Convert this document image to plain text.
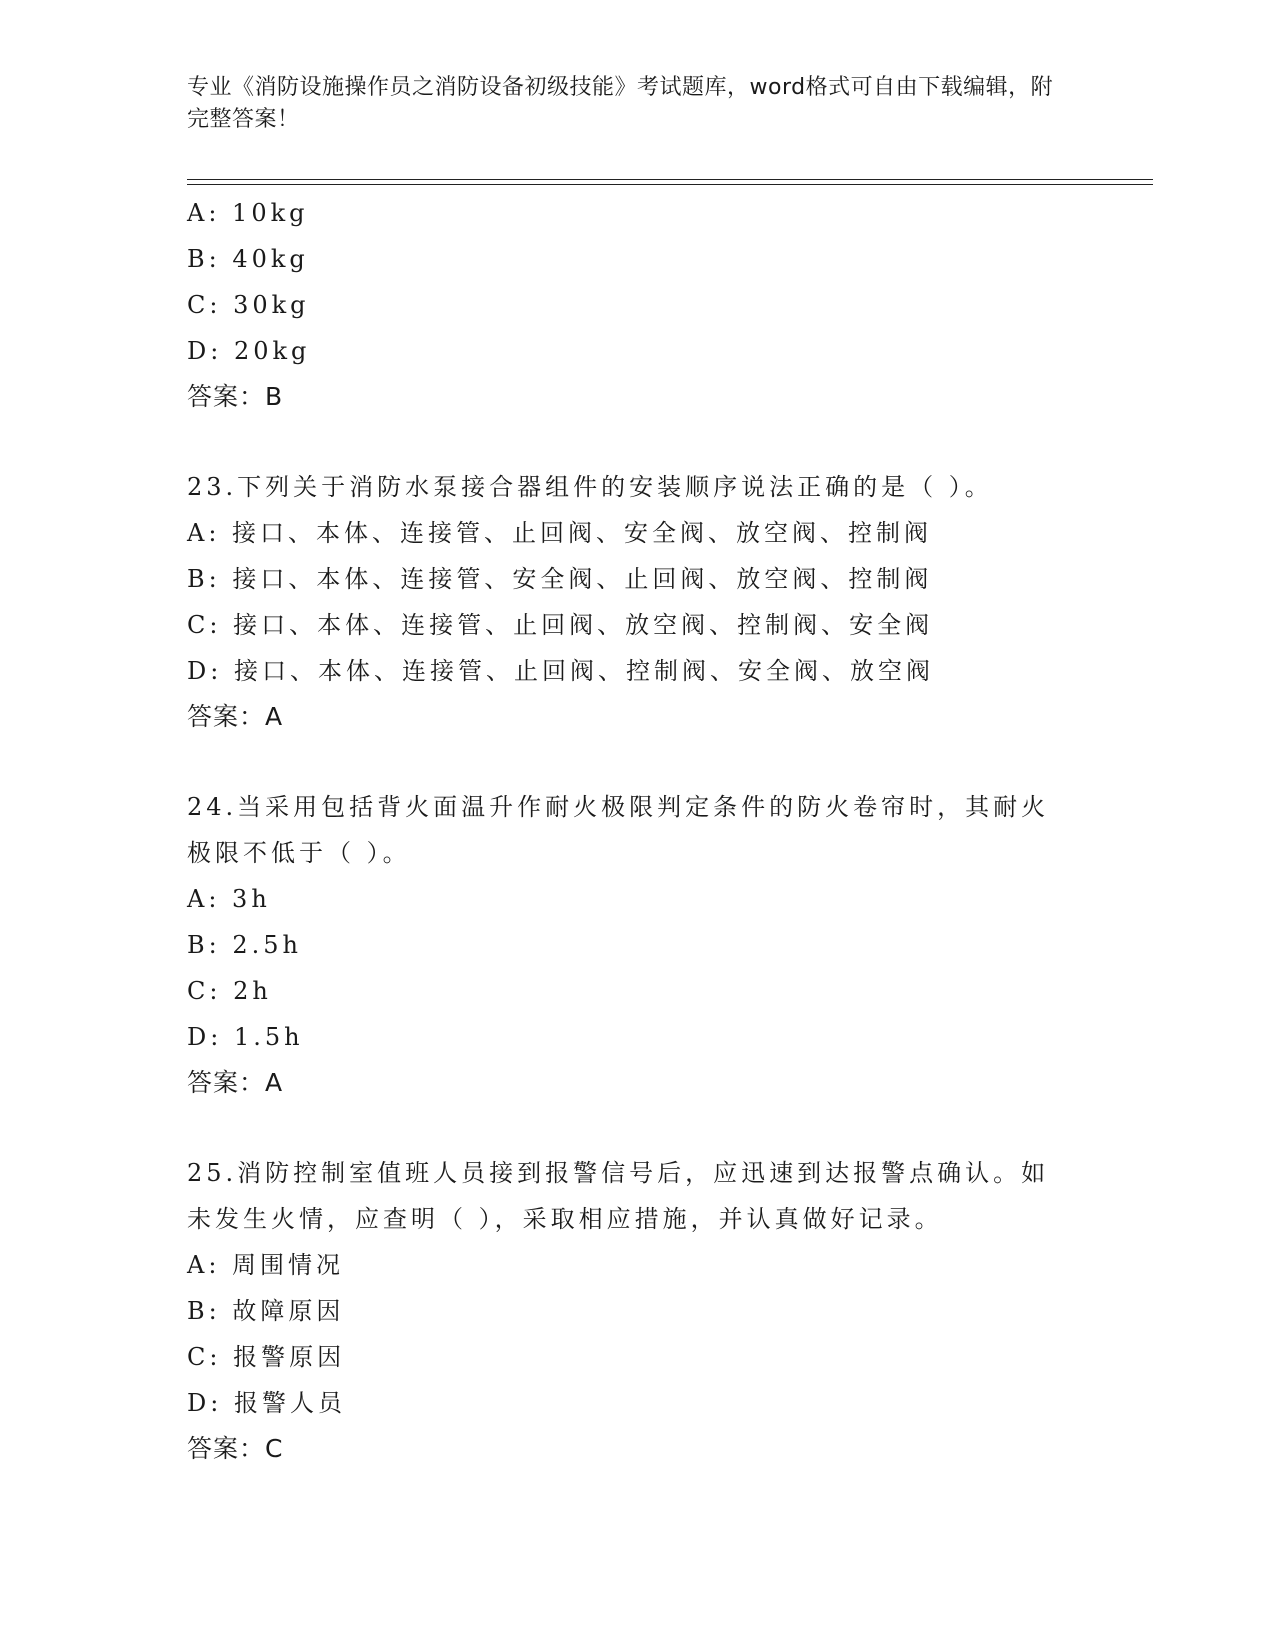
专业《消防设施操作员之消防设备初级技能》考试题库，word格式可自由下载编辑，附完整答案！
A: 10kg
B: 40kg
C: 30kg
D: 20kg
答案：B
23.下列关于消防水泵接合器组件的安装顺序说法正确的是（ ）。
A: 接口、本体、连接管、止回阀、安全阀、放空阀、控制阀
B: 接口、本体、连接管、安全阀、止回阀、放空阀、控制阀
C: 接口、本体、连接管、止回阀、放空阀、控制阀、安全阀
D: 接口、本体、连接管、止回阀、控制阀、安全阀、放空阀
答案：A
24.当采用包括背火面温升作耐火极限判定条件的防火卷帘时，其耐火
极限不低于（ ）。
A: 3h
B: 2.5h
C: 2h
D: 1.5h
答案：A
25.消防控制室值班人员接到报警信号后，应迅速到达报警点确认。如
未发生火情，应查明（ ），采取相应措施，并认真做好记录。
A: 周围情况
B: 故障原因
C: 报警原因
D: 报警人员
答案：C
